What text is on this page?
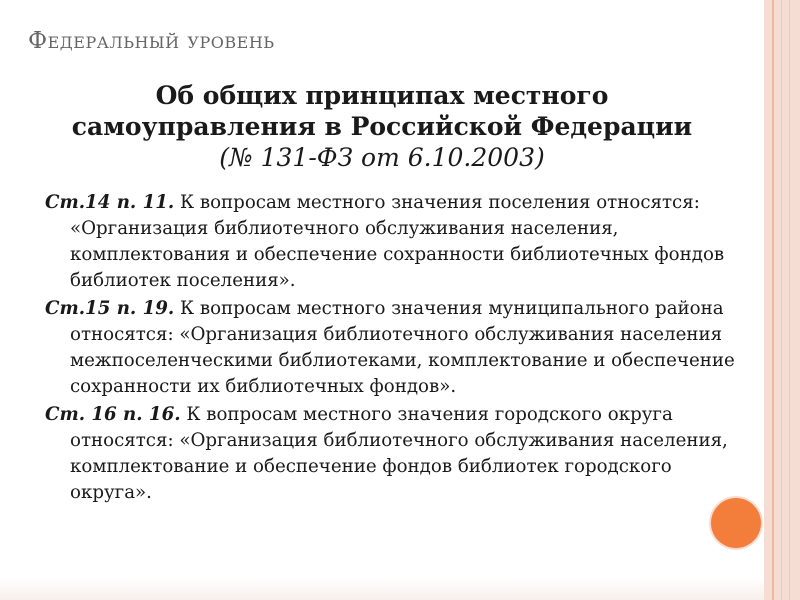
Федеральный уровень
Об общих принципах местного
самоуправления в Российской Федерации
(№ 131-ФЗ от 6.10.2003)

Ст.14 п. 11. К вопросам местного значения поселения относятся: «Организация библиотечного обслуживания населения, комплектования и обеспечение сохранности библиотечных фондов библиотек поселения».

Ст.15 п. 19. К вопросам местного значения муниципального района относятся: «Организация библиотечного обслуживания населения межпоселенческими библиотеками, комплектование и обеспечение сохранности их библиотечных фондов».

Ст. 16 п. 16. К вопросам местного значения городского округа относятся: «Организация библиотечного обслуживания населения, комплектование и обеспечение фондов библиотек городского округа».
